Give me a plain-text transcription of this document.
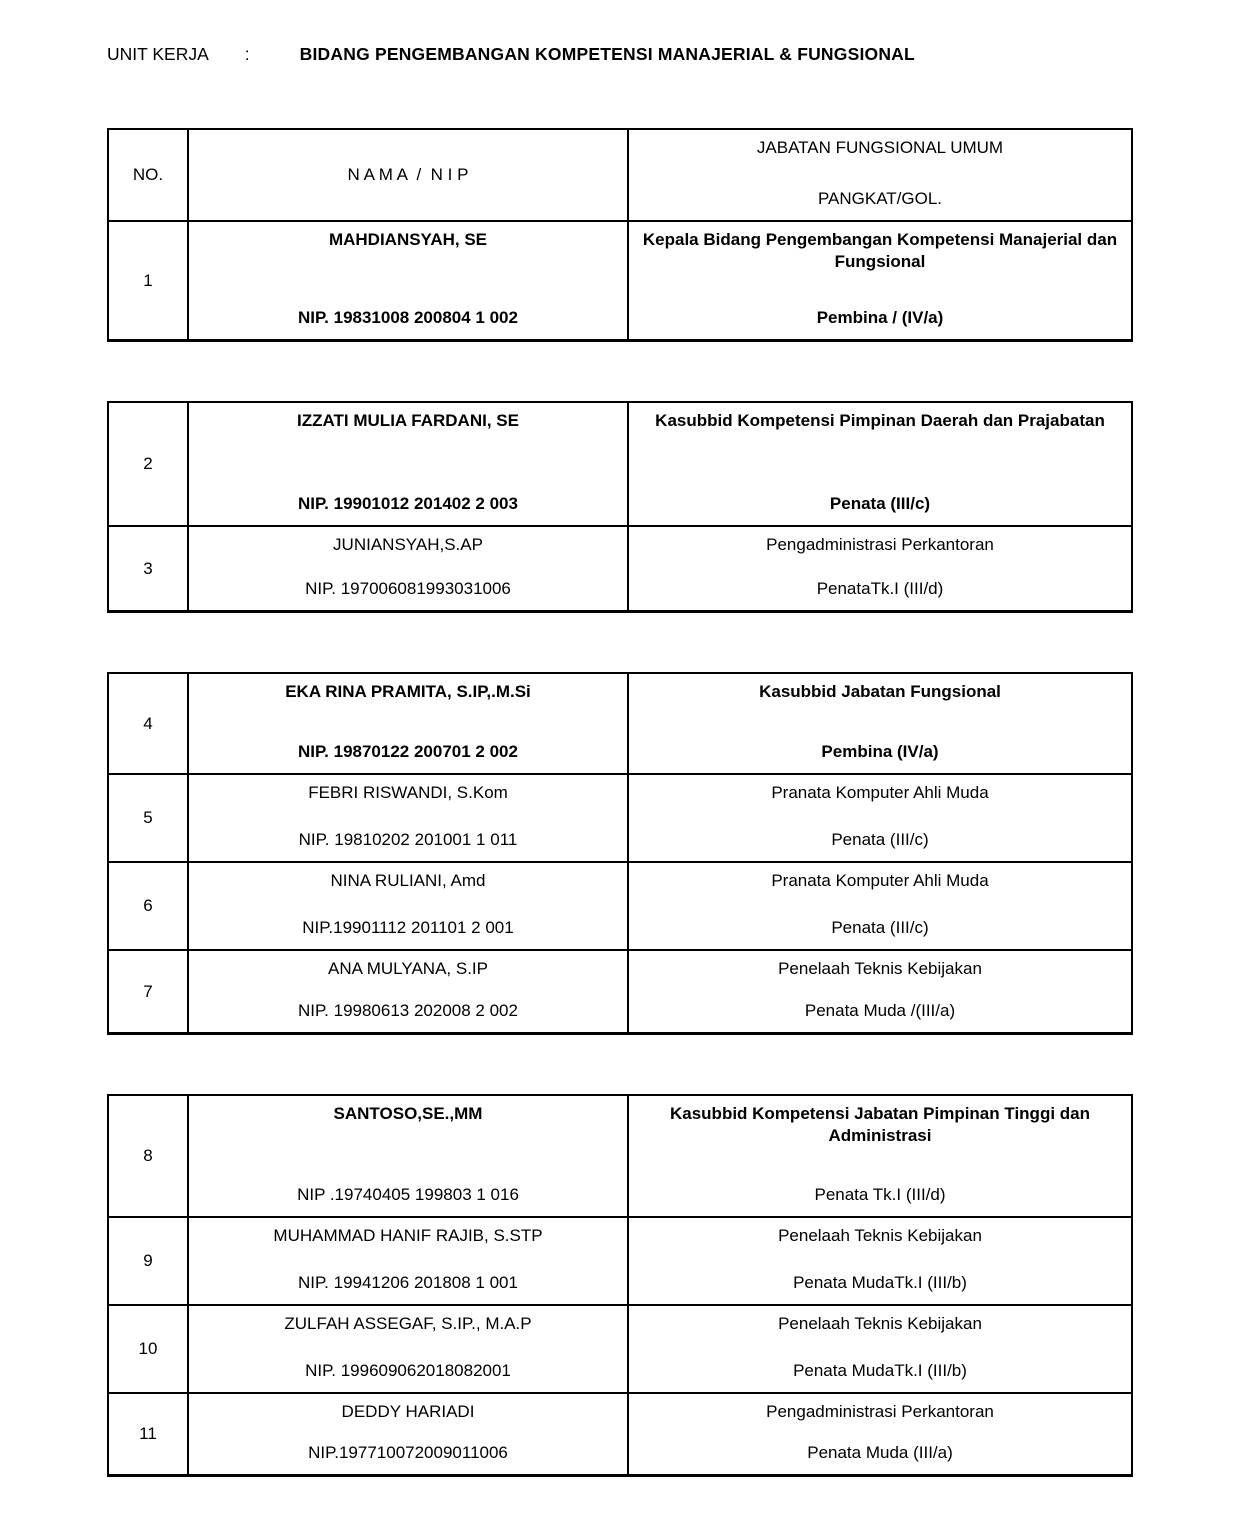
UNIT KERJA :	BIDANG PENGEMBANGAN KOMPETENSI MANAJERIAL & FUNGSIONAL
NO.	N A M A  /  N I P
JABATAN FUNGSIONAL UMUM
PANGKAT/GOL.
1
MAHDIANSYAH, SE
NIP. 19831008 200804 1 002
Kepala Bidang Pengembangan Kompetensi Manajerial dan Fungsional
Pembina / (IV/a)
2
IZZATI MULIA FARDANI, SE
NIP. 19901012 201402 2 003
Kasubbid Kompetensi Pimpinan Daerah dan Prajabatan
Penata (III/c)
3
JUNIANSYAH,S.AP
NIP. 197006081993031006
Pengadministrasi Perkantoran
PenataTk.I (III/d)
4
EKA RINA PRAMITA, S.IP,.M.Si
NIP. 19870122 200701 2 002
Kasubbid Jabatan Fungsional
Pembina (IV/a)
5
FEBRI RISWANDI, S.Kom
NIP. 19810202 201001 1 011
Pranata Komputer Ahli Muda
Penata (III/c)
6
NINA RULIANI, Amd
NIP.19901112 201101 2 001
Pranata Komputer Ahli Muda
Penata (III/c)
7
ANA MULYANA, S.IP
NIP. 19980613 202008 2 002
Penelaah Teknis Kebijakan
Penata Muda /(III/a)
8
SANTOSO,SE.,MM
NIP .19740405 199803 1 016
Kasubbid Kompetensi Jabatan Pimpinan Tinggi dan Administrasi
Penata Tk.I (III/d)
9
MUHAMMAD HANIF RAJIB, S.STP
NIP. 19941206 201808 1 001
Penelaah Teknis Kebijakan
Penata MudaTk.I (III/b)
10
ZULFAH ASSEGAF, S.IP., M.A.P
NIP. 199609062018082001
Penelaah Teknis Kebijakan
Penata MudaTk.I (III/b)
11
DEDDY HARIADI
NIP.197710072009011006
Pengadministrasi Perkantoran
Penata Muda (III/a)
